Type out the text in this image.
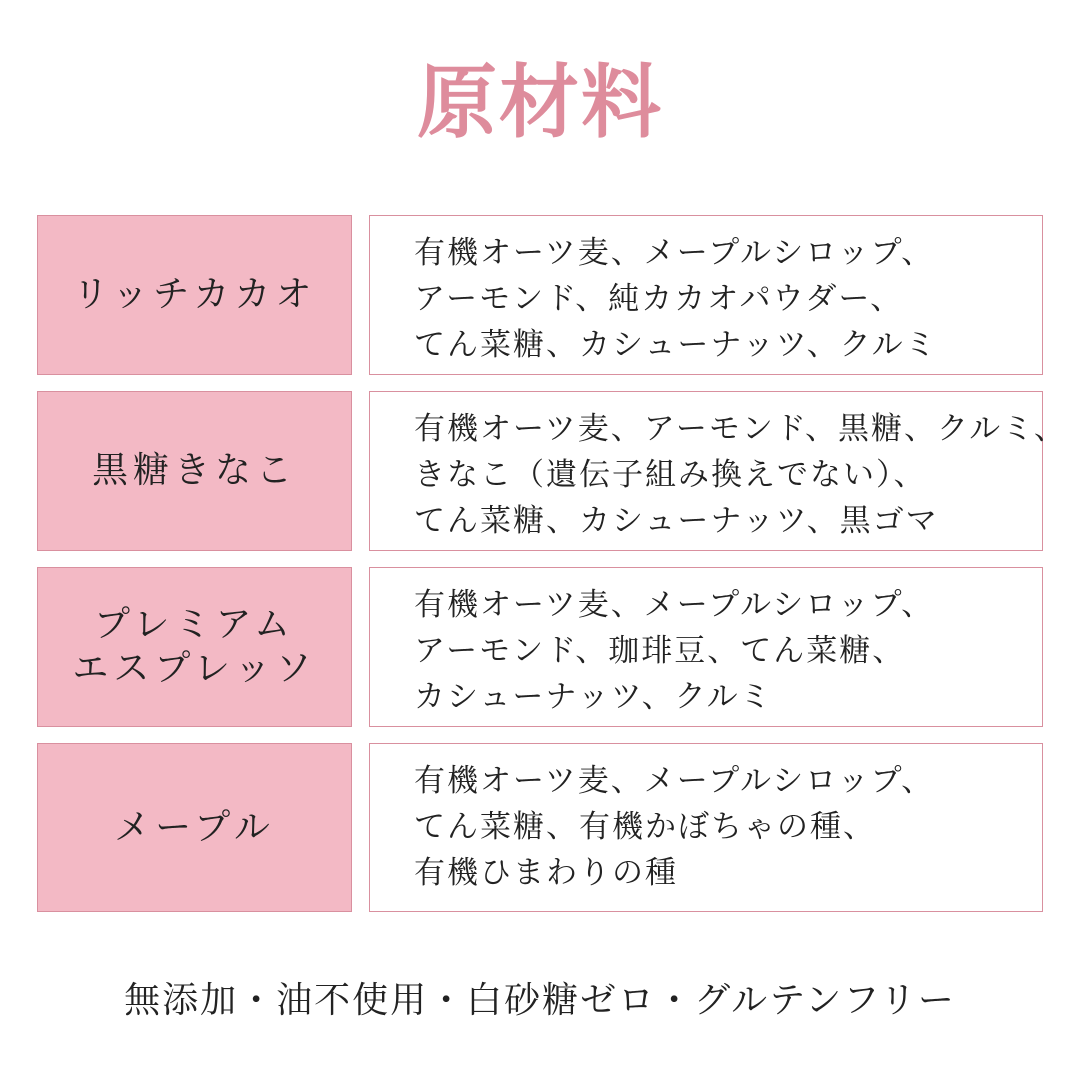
原材料
リッチカカオ
有機オーツ麦、メープルシロップ、
アーモンド、純カカオパウダー、
てん菜糖、カシューナッツ、クルミ
黒糖きなこ
有機オーツ麦、アーモンド、黒糖、クルミ、
きなこ（遺伝子組み換えでない）、
てん菜糖、カシューナッツ、黒ゴマ
プレミアム
エスプレッソ
有機オーツ麦、メープルシロップ、
アーモンド、珈琲豆、てん菜糖、
カシューナッツ、クルミ
メープル
有機オーツ麦、メープルシロップ、
てん菜糖、有機かぼちゃの種、
有機ひまわりの種
無添加・油不使用・白砂糖ゼロ・グルテンフリー
